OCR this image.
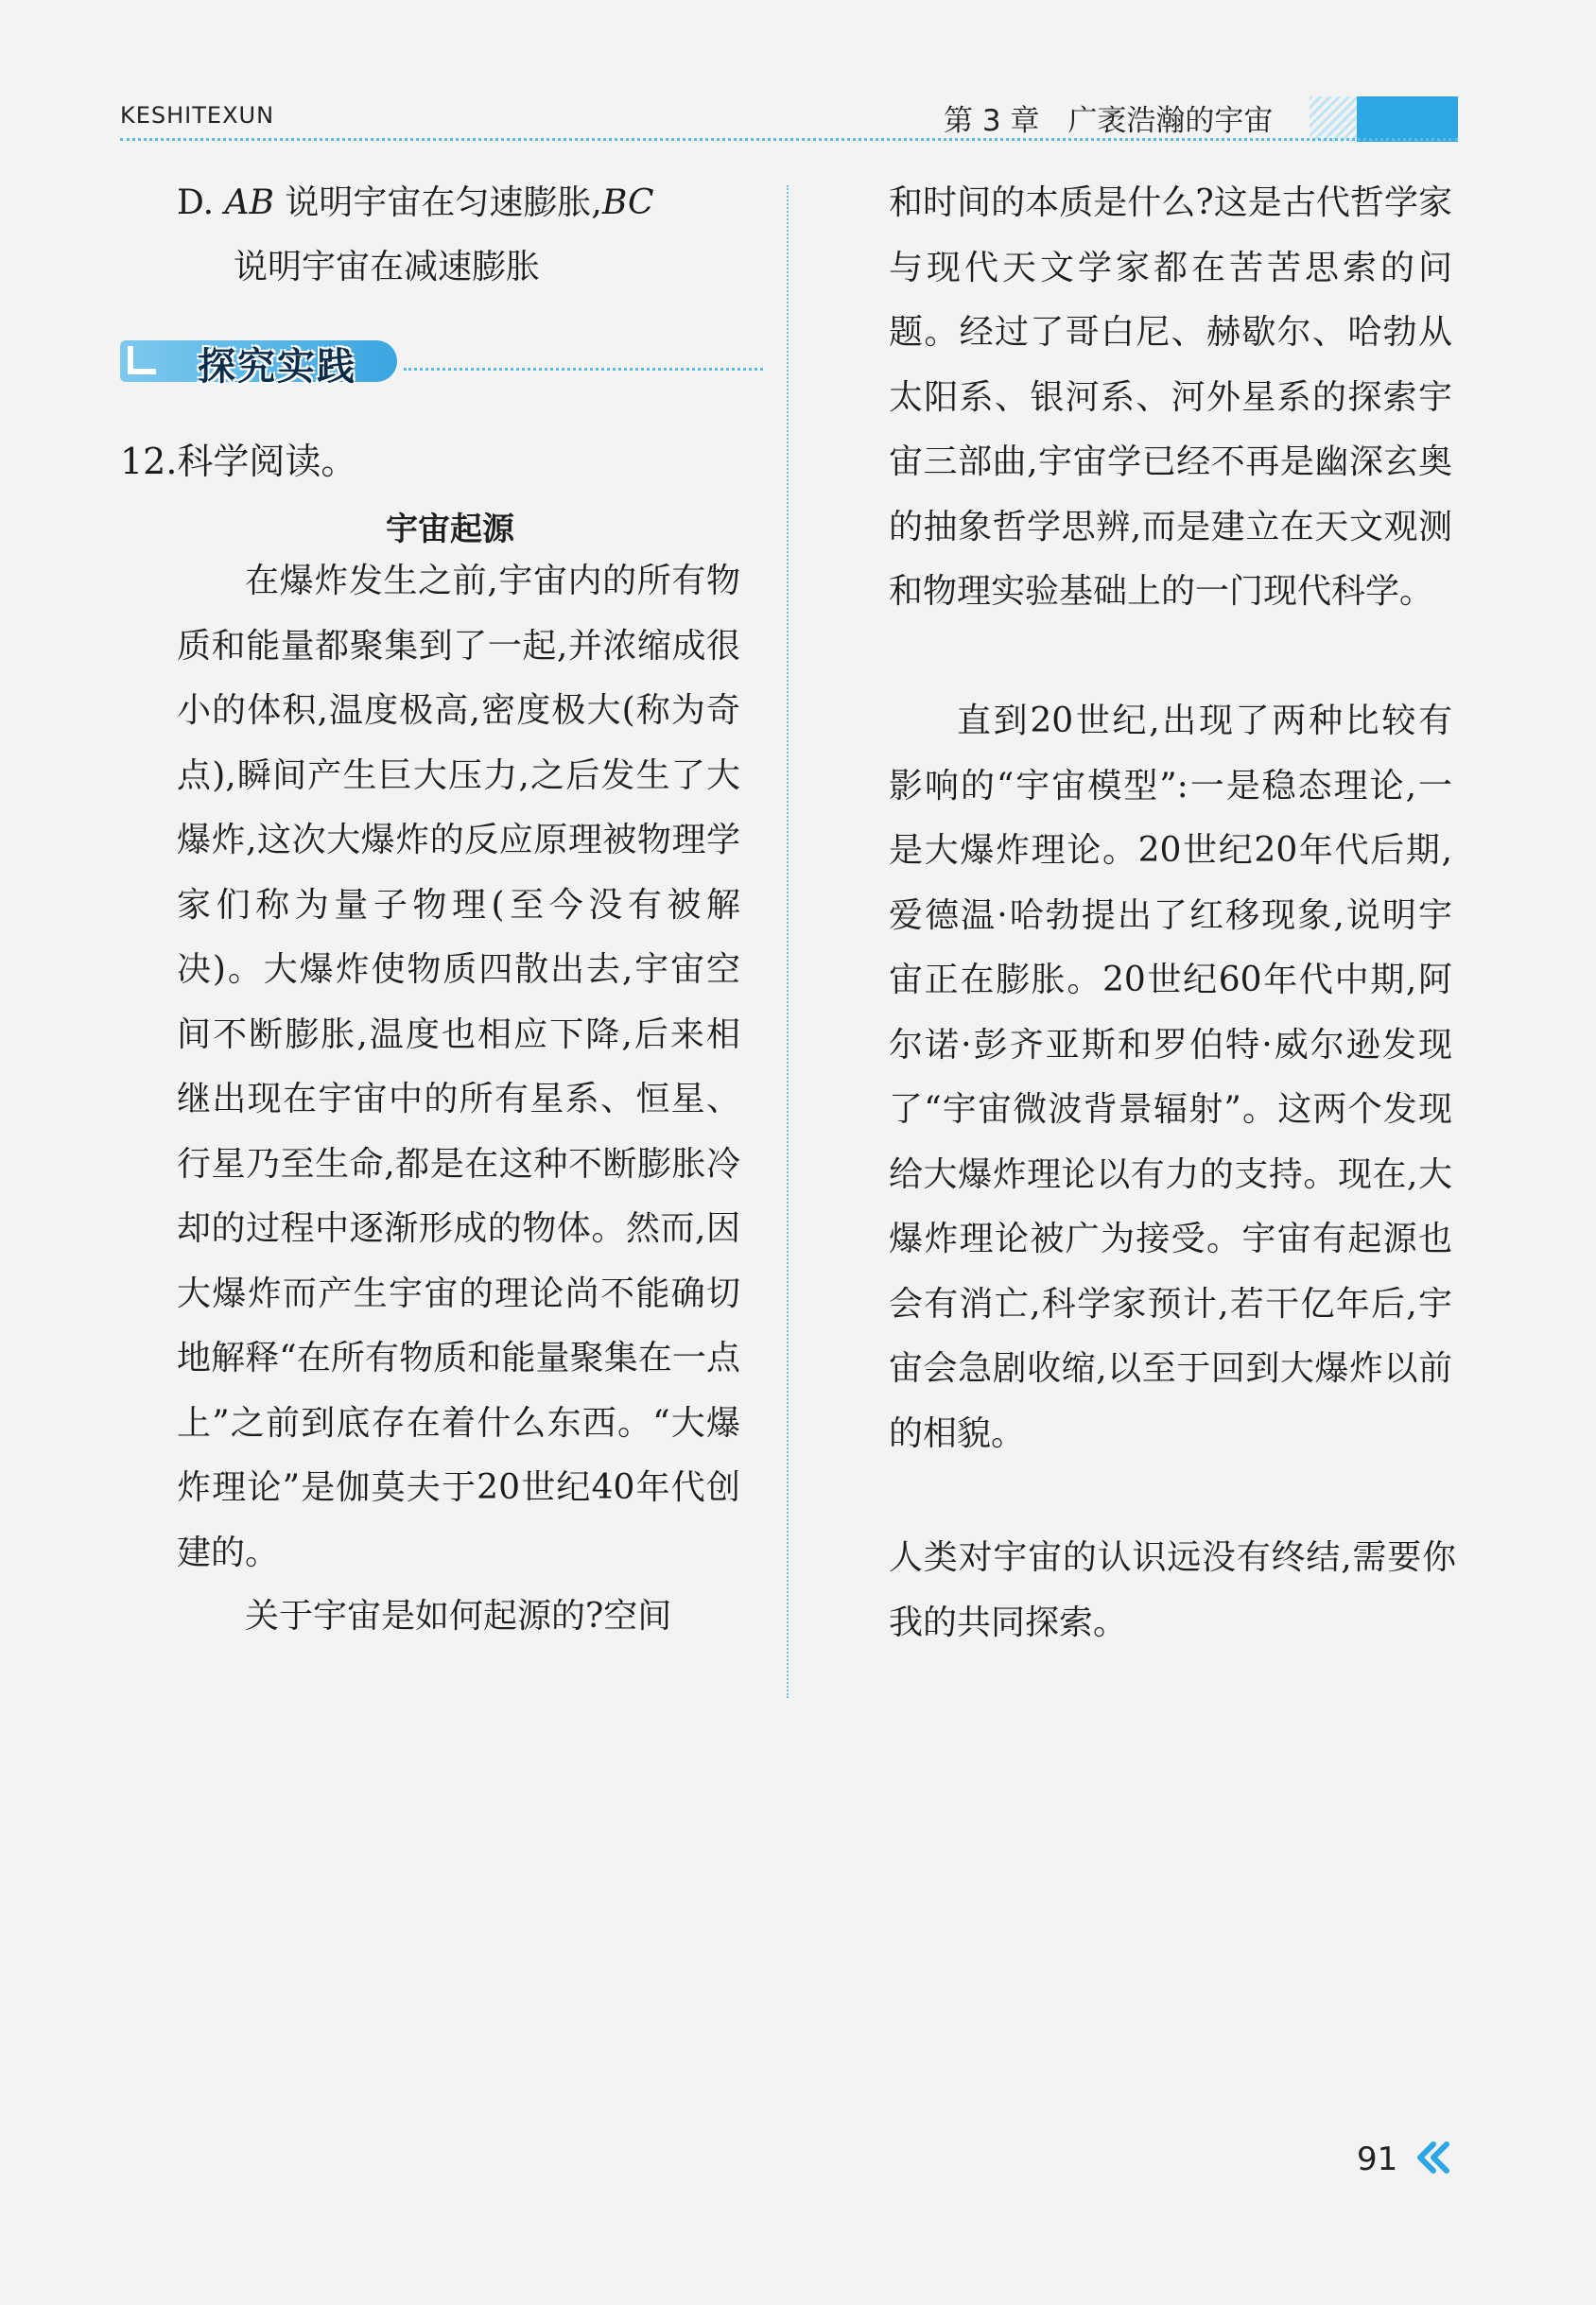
KESHITEXUN	第 3 章 广袤浩瀚的宇宙
D. AB 说明宇宙在匀速膨胀,BC
说明宇宙在减速膨胀
探究实践
12.科学阅读。
宇宙起源

在爆炸发生之前,宇宙内的所有物质和能量都聚集到了一起,并浓缩成很小的体积,温度极高,密度极大(称为奇点),瞬间产生巨大压力,之后发生了大爆炸,这次大爆炸的反应原理被物理学家们称为量子物理(至今没有被解决)。大爆炸使物质四散出去,宇宙空间不断膨胀,温度也相应下降,后来相继出现在宇宙中的所有星系、恒星、行星乃至生命,都是在这种不断膨胀冷却的过程中逐渐形成的物体。然而,因大爆炸而产生宇宙的理论尚不能确切地解释“在所有物质和能量聚集在一点上”之前到底存在着什么东西。“大爆炸理论”是伽莫夫于20世纪40年代创建的。

关于宇宙是如何起源的?空间

和时间的本质是什么?这是古代哲学家与现代天文学家都在苦苦思索的问题。经过了哥白尼、赫歇尔、哈勃从太阳系、银河系、河外星系的探索宇宙三部曲,宇宙学已经不再是幽深玄奥的抽象哲学思辨,而是建立在天文观测和物理实验基础上的一门现代科学。

直到20世纪,出现了两种比较有影响的“宇宙模型”:一是稳态理论,一是大爆炸理论。20世纪20年代后期,爱德温·哈勃提出了红移现象,说明宇宙正在膨胀。20世纪60年代中期,阿尔诺·彭齐亚斯和罗伯特·威尔逊发现了“宇宙微波背景辐射”。这两个发现给大爆炸理论以有力的支持。现在,大爆炸理论被广为接受。宇宙有起源也会有消亡,科学家预计,若干亿年后,宇宙会急剧收缩,以至于回到大爆炸以前的相貌。

人类对宇宙的认识远没有终结,需要你我的共同探索。

91
